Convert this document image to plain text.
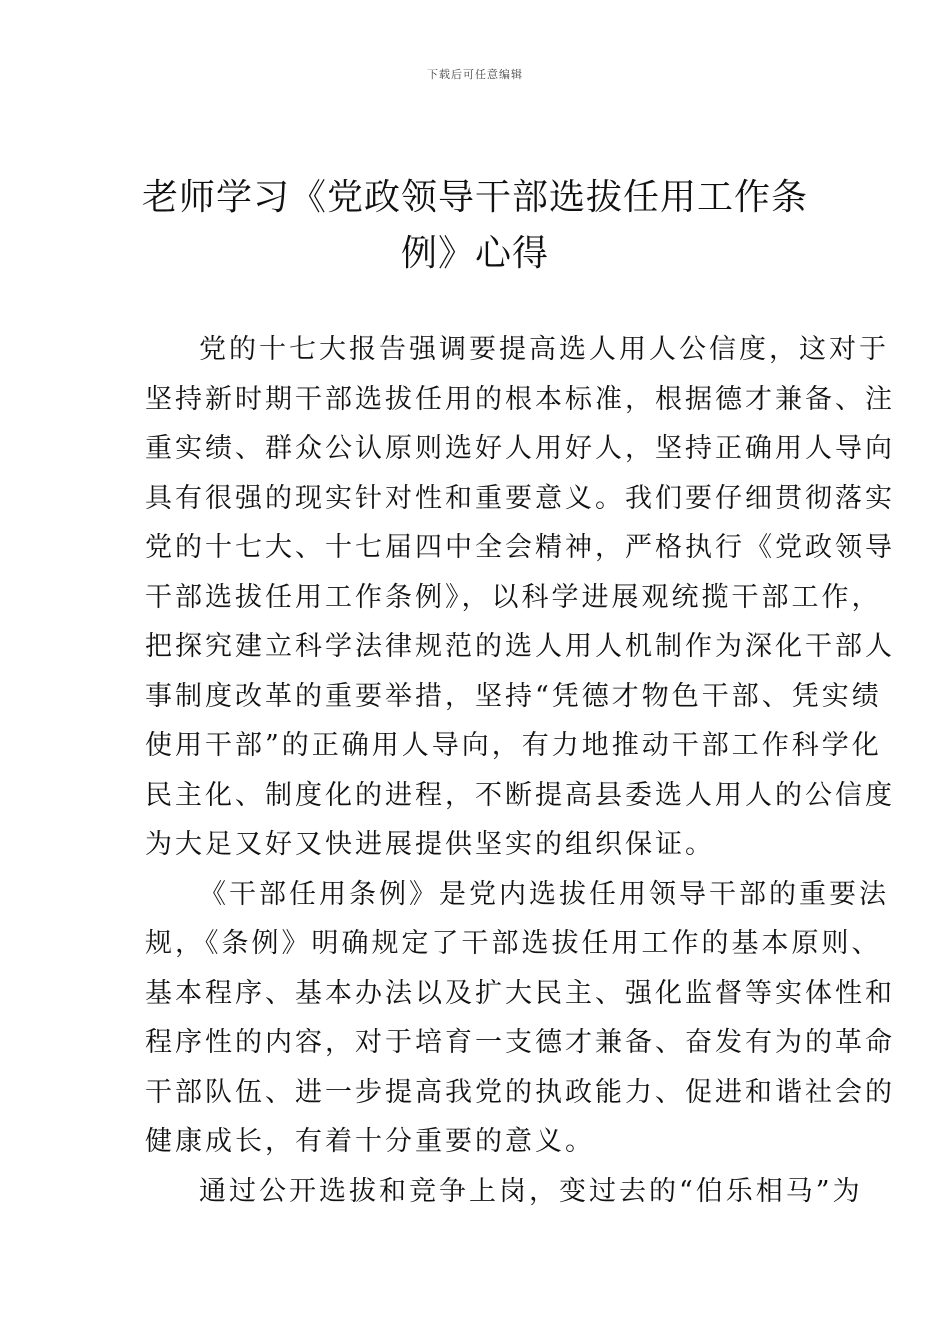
下载后可任意编辑
老师学习《党政领导干部选拔任用工作条
例》心得

党的十七大报告强调要提高选人用人公信度，这对于
坚持新时期干部选拔任用的根本标准，根据德才兼备、注
重实绩、群众公认原则选好人用好人，坚持正确用人导向
具有很强的现实针对性和重要意义。我们要仔细贯彻落实
党的十七大、十七届四中全会精神，严格执行《党政领导
干部选拔任用工作条例》，以科学进展观统揽干部工作，
把探究建立科学法律规范的选人用人机制作为深化干部人
事制度改革的重要举措，坚持“凭德才物色干部、凭实绩
使用干部”的正确用人导向，有力地推动干部工作科学化
民主化、制度化的进程，不断提高县委选人用人的公信度
为大足又好又快进展提供坚实的组织保证。

《干部任用条例》是党内选拔任用领导干部的重要法
规，《条例》明确规定了干部选拔任用工作的基本原则、
基本程序、基本办法以及扩大民主、强化监督等实体性和
程序性的内容，对于培育一支德才兼备、奋发有为的革命
干部队伍、进一步提高我党的执政能力、促进和谐社会的
健康成长，有着十分重要的意义。

通过公开选拔和竞争上岗，变过去的“伯乐相马”为
